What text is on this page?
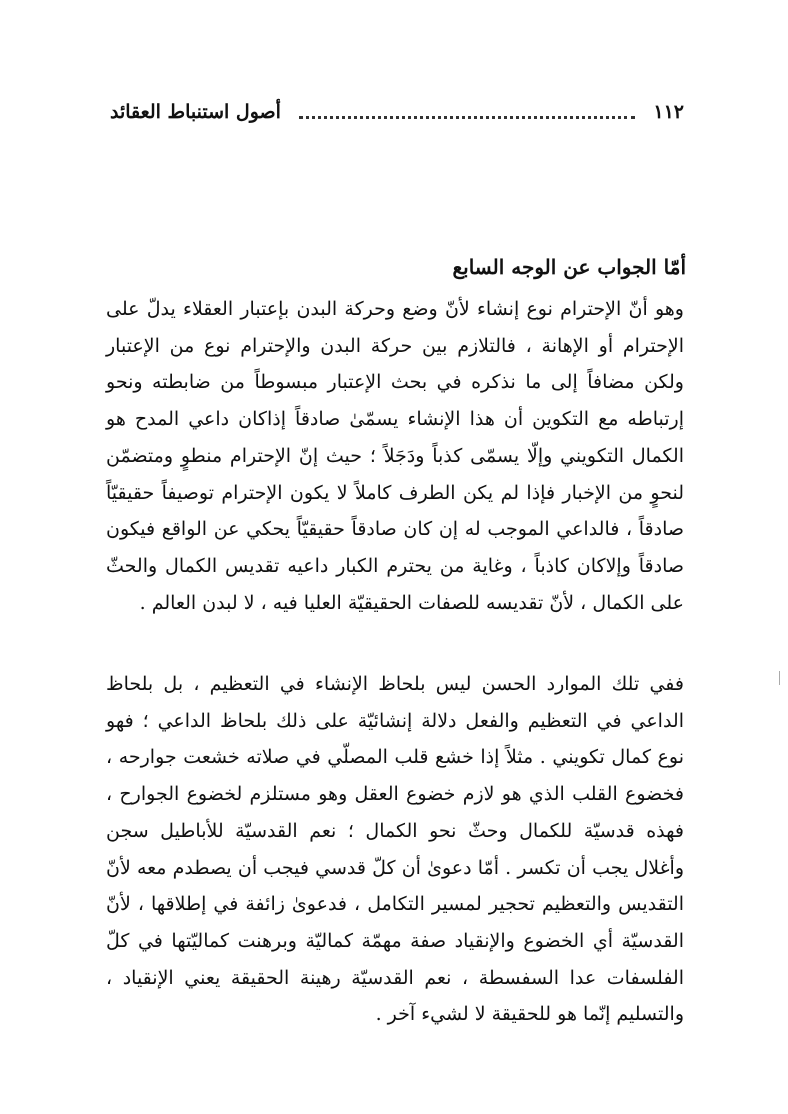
١١٢
أصول استنباط العقائد
أمّا الجواب عن الوجه السابع

وهو أنّ الإحترام نوع إنشاء لأنّ وضع وحركة البدن بإعتبار العقلاء يدلّ على الإحترام أو الإهانة ، فالتلازم بين حركة البدن والإحترام نوع من الإعتبار ولكن مضافاً إلى ما نذكره في بحث الإعتبار مبسوطاً من ضابطته ونحو إرتباطه مع التكوين أن هذا الإنشاء يسمّىٰ صادقاً إذاكان داعي المدح هو الكمال التكويني وإلّا يسمّى كذباً ودَجَلاً ؛ حيث إنّ الإحترام منطوٍ ومتضمّن لنحوٍ من الإخبار فإذا لم يكن الطرف كاملاً لا يكون الإحترام توصيفاً حقيقيّاً صادقاً ، فالداعي الموجب له إن كان صادقاً حقيقيّاً يحكي عن الواقع فيكون صادقاً وإلاكان كاذباً ، وغاية من يحترم الكبار داعيه تقديس الكمال والحثّ على الكمال ، لأنّ تقديسه للصفات الحقيقيّة العليا فيه ، لا لبدن العالم .

ففي تلك الموارد الحسن ليس بلحاظ الإنشاء في التعظيم ، بل بلحاظ الداعي في التعظيم والفعل دلالة إنشائيّة على ذلك بلحاظ الداعي ؛ فهو نوع كمال تكويني . مثلاً إذا خشع قلب المصلّي في صلاته خشعت جوارحه ، فخضوع القلب الذي هو لازم خضوع العقل وهو مستلزم لخضوع الجوارح ، فهذه قدسيّة للكمال وحثّ نحو الكمال ؛ نعم القدسيّة للأباطيل سجن وأغلال يجب أن تكسر . أمّا دعوىٰ أن كلّ قدسي فيجب أن يصطدم معه لأنّ التقديس والتعظيم تحجير لمسير التكامل ، فدعوىٰ زائفة في إطلاقها ، لأنّ القدسيّة أي الخضوع والإنقياد صفة مهمّة كماليّة وبرهنت كماليّتها في كلّ الفلسفات عدا السفسطة ، نعم القدسيّة رهينة الحقيقة يعني الإنقياد ، والتسليم إنّما هو للحقيقة لا لشيء آخر .
